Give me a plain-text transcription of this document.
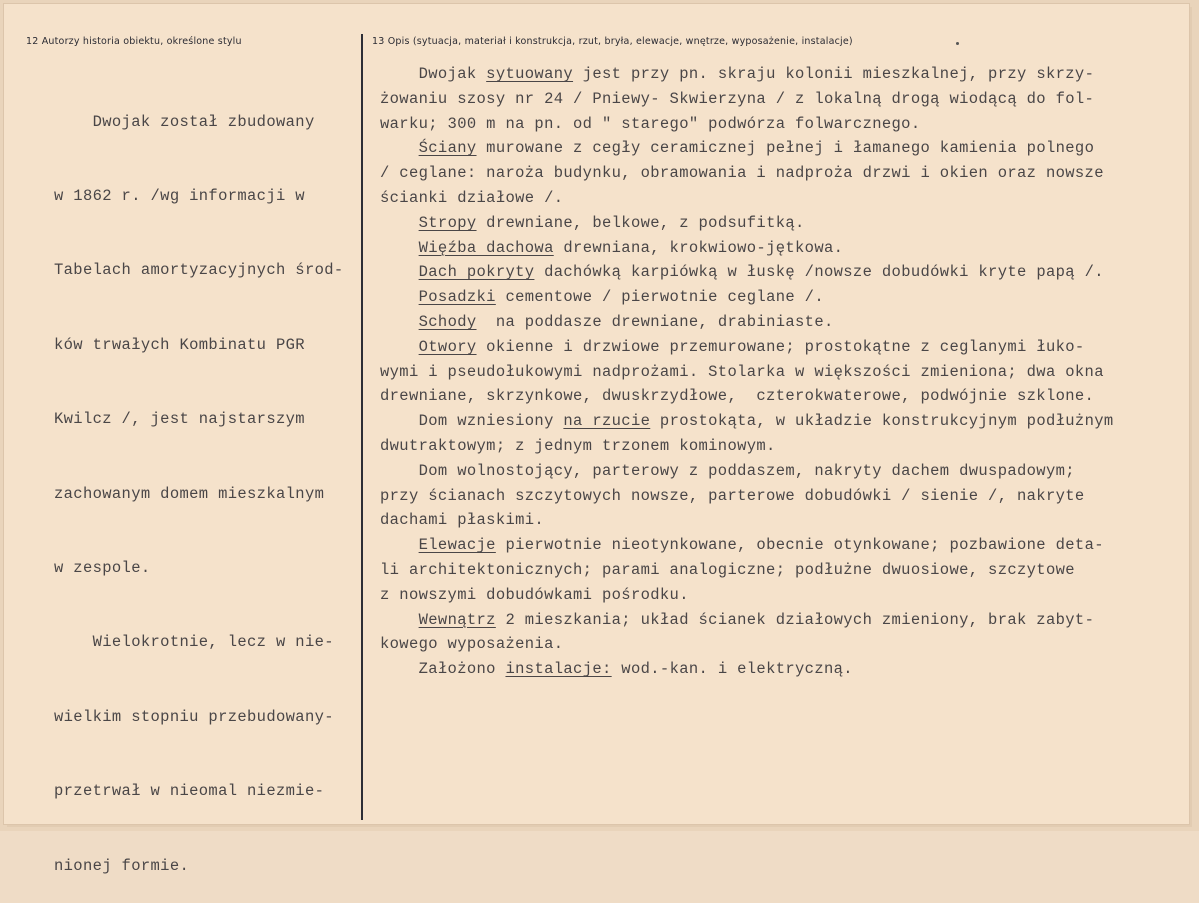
12 Autorzy historia obiektu, określone stylu	13 Opis (sytuacja, materiał i konstrukcja, rzut, bryła, elewacje, wnętrze, wyposażenie, instalacje)

Dwojak został zbudowany

w 1862 r. /wg informacji w

Tabelach amortyzacyjnych środ-

ków trwałych Kombinatu PGR

Kwilcz /, jest najstarszym

zachowanym domem mieszkalnym

w zespole.

Wielokrotnie, lecz w nie-

wielkim stopniu przebudowany-

przetrwał w nieomal niezmie-

nionej formie.

Dwojak sytuowany jest przy pn. skraju kolonii mieszkalnej, przy skrzy-
żowaniu szosy nr 24 / Pniewy- Skwierzyna / z lokalną drogą wiodącą do fol-
warku; 300 m na pn. od " starego" podwórza folwarcznego.
Ściany murowane z cegły ceramicznej pełnej i łamanego kamienia polnego
/ ceglane: naroża budynku, obramowania i nadproża drzwi i okien oraz nowsze
ścianki działowe /.
Stropy drewniane, belkowe, z podsufitką.
Więźba dachowa drewniana, krokwiowo-jętkowa.
Dach pokryty dachówką karpiówką w łuskę /nowsze dobudówki kryte papą /.
Posadzki cementowe / pierwotnie ceglane /.
Schody  na poddasze drewniane, drabiniaste.
Otwory okienne i drzwiowe przemurowane; prostokątne z ceglanymi łuko-
wymi i pseudołukowymi nadprożami. Stolarka w większości zmieniona; dwa okna
drewniane, skrzynkowe, dwuskrzydłowe,  czterokwaterowe, podwójnie szklone.
Dom wzniesiony na rzucie prostokąta, w układzie konstrukcyjnym podłużnym
dwutraktowym; z jednym trzonem kominowym.
Dom wolnostojący, parterowy z poddaszem, nakryty dachem dwuspadowym;
przy ścianach szczytowych nowsze, parterowe dobudówki / sienie /, nakryte
dachami płaskimi.
Elewacje pierwotnie nieotynkowane, obecnie otynkowane; pozbawione deta-
li architektonicznych; parami analogiczne; podłużne dwuosiowe, szczytowe
z nowszymi dobudówkami pośrodku.
Wewnątrz 2 mieszkania; układ ścianek działowych zmieniony, brak zabyt-
kowego wyposażenia.
Założono instalacje: wod.-kan. i elektryczną.
